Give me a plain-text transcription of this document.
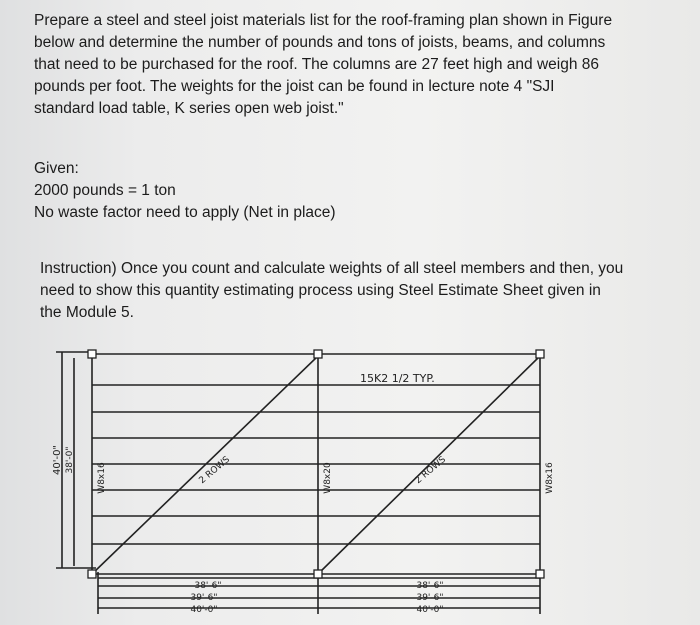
Prepare a steel and steel joist materials list for the roof-framing plan shown in Figure
below and determine the number of pounds and tons of joists, beams, and columns
that need to be purchased for the roof. The columns are 27 feet high and weigh 86
pounds per foot. The weights for the joist can be found in lecture note 4 "SJI
standard load table, K series open web joist."
Given:
2000 pounds = 1 ton
No waste factor need to apply (Net in place)
Instruction) Once you count and calculate weights of all steel members and then, you
need to show this quantity estimating process using Steel Estimate Sheet given in
the Module 5.
15K2 1/2 TYP.
W8x16	W8x20	W8x16
2 ROWS	2 ROWS
40'-0" 38'-0"
38'-6"
39'-6"
40'-0"
38'-6"
39'-6"
40'-0"
